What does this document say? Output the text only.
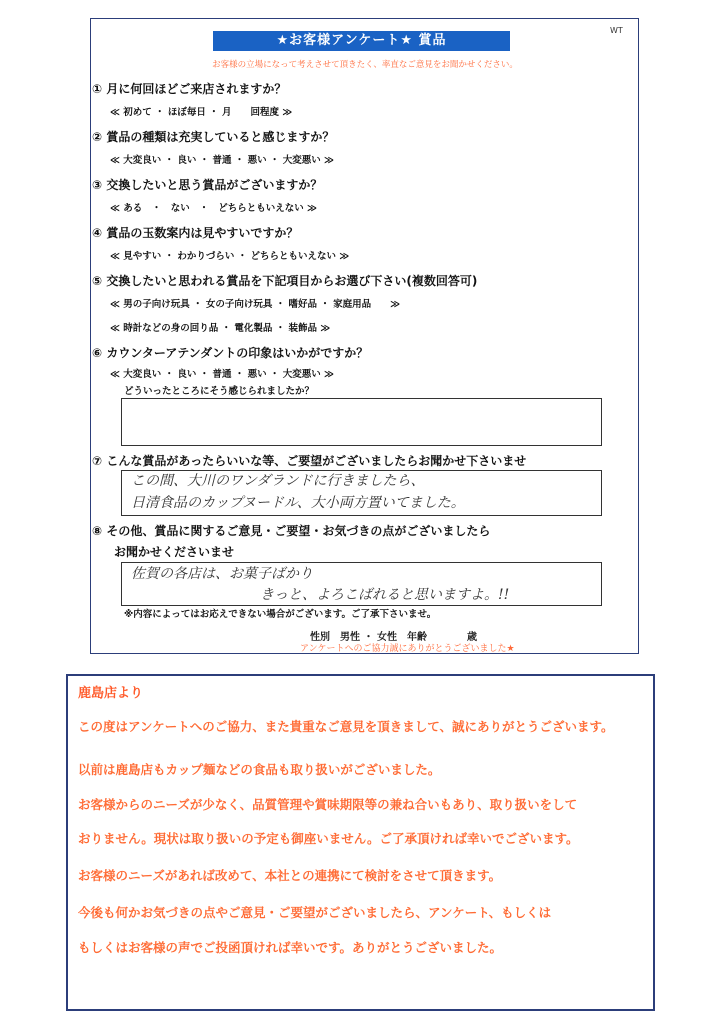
WT
★お客様アンケート★ 賞品
お客様の立場になって考えさせて頂きたく、率直なご意見をお聞かせください。
① 月に何回ほどご来店されますか？
≪ 初めて ・ ほぼ毎日 ・ 月　　回程度 ≫
② 賞品の種類は充実していると感じますか？
≪ 大変良い ・ 良い ・ 普通 ・ 悪い ・ 大変悪い ≫
③ 交換したいと思う賞品がございますか？
≪ ある　・　ない　・　どちらともいえない ≫
④ 賞品の玉数案内は見やすいですか？
≪ 見やすい ・ わかりづらい ・ どちらともいえない ≫
⑤ 交換したいと思われる賞品を下記項目からお選び下さい(複数回答可)
≪ 男の子向け玩具 ・ 女の子向け玩具 ・ 嗜好品 ・ 家庭用品　　≫
≪ 時計などの身の回り品 ・ 電化製品 ・ 装飾品 ≫
⑥ カウンターアテンダントの印象はいかがですか？
≪ 大変良い ・ 良い ・ 普通 ・ 悪い ・ 大変悪い ≫
どういったところにそう感じられましたか？
⑦ こんな賞品があったらいいな等、ご要望がございましたらお聞かせ下さいませ
この間、大川のワンダランドに行きましたら、
日清食品のカップヌードル、大小両方置いてました。
⑧ その他、賞品に関するご意見・ご要望・お気づきの点がございましたら
お聞かせくださいませ
佐賀の各店は、お菓子ばかり
きっと、よろこばれると思いますよ。!!
※内容によってはお応えできない場合がございます。ご了承下さいませ。
性別　男性 ・ 女性　年齢　　　　歳
アンケートへのご協力誠にありがとうございました★
鹿島店より
この度はアンケートへのご協力、また貴重なご意見を頂きまして、誠にありがとうございます。
以前は鹿島店もカップ麺などの食品も取り扱いがございました。
お客様からのニーズが少なく、品質管理や賞味期限等の兼ね合いもあり、取り扱いをして
おりません。現状は取り扱いの予定も御座いません。ご了承頂ければ幸いでございます。
お客様のニーズがあれば改めて、本社との連携にて検討をさせて頂きます。
今後も何かお気づきの点やご意見・ご要望がございましたら、アンケート、もしくは
もしくはお客様の声でご投函頂ければ幸いです。ありがとうございました。
